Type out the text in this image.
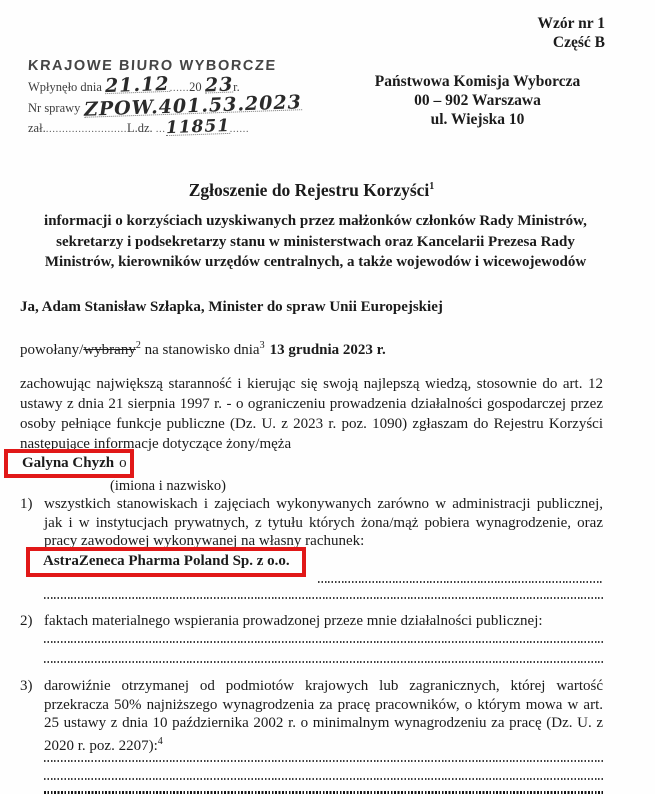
Wzór nr 1
Część B
KRAJOWE BIURO WYBORCZE
Wpłynęło dnia 21.12......20 23r.
Nr sprawy ZPOW.401.53.2023
zał..........................L.dz. ...11851......
Państwowa Komisja Wyborcza
00 – 902 Warszawa
ul. Wiejska 10
Zgłoszenie do Rejestru Korzyści$^1$
informacji o korzyściach uzyskiwanych przez małżonków członków Rady Ministrów, sekretarzy i podsekretarzy stanu w ministerstwach oraz Kancelarii Prezesa Rady Ministrów, kierowników urzędów centralnych, a także wojewodów i wicewojewodów
Ja, Adam Stanisław Szłapka, Minister do spraw Unii Europejskiej
powołany/wybrany$^2$ na stanowisko dnia$^3$ 13 grudnia 2023 r.
zachowując największą staranność i kierując się swoją najlepszą wiedzą, stosownie do art. 12 ustawy z dnia 21 sierpnia 1997 r. - o ograniczeniu prowadzenia działalności gospodarczej przez osoby pełniące funkcje publiczne (Dz. U. z 2023 r. poz. 1090) zgłaszam do Rejestru Korzyści następujące informacje dotyczące żony/męża
Galyna Chyzh o
(imiona i nazwisko)
1) wszystkich stanowiskach i zajęciach wykonywanych zarówno w administracji publicznej, jak i w instytucjach prywatnych, z tytułu których żona/mąż pobiera wynagrodzenie, oraz pracy zawodowej wykonywanej na własny rachunek:
AstraZeneca Pharma Poland Sp. z o.o.
2) faktach materialnego wspierania prowadzonej przeze mnie działalności publicznej:
3) darowiźnie otrzymanej od podmiotów krajowych lub zagranicznych, której wartość przekracza 50% najniższego wynagrodzenia za pracę pracowników, o którym mowa w art. 25 ustawy z dnia 10 października 2002 r. o minimalnym wynagrodzeniu za pracę (Dz. U. z 2020 r. poz. 2207):$^4$
